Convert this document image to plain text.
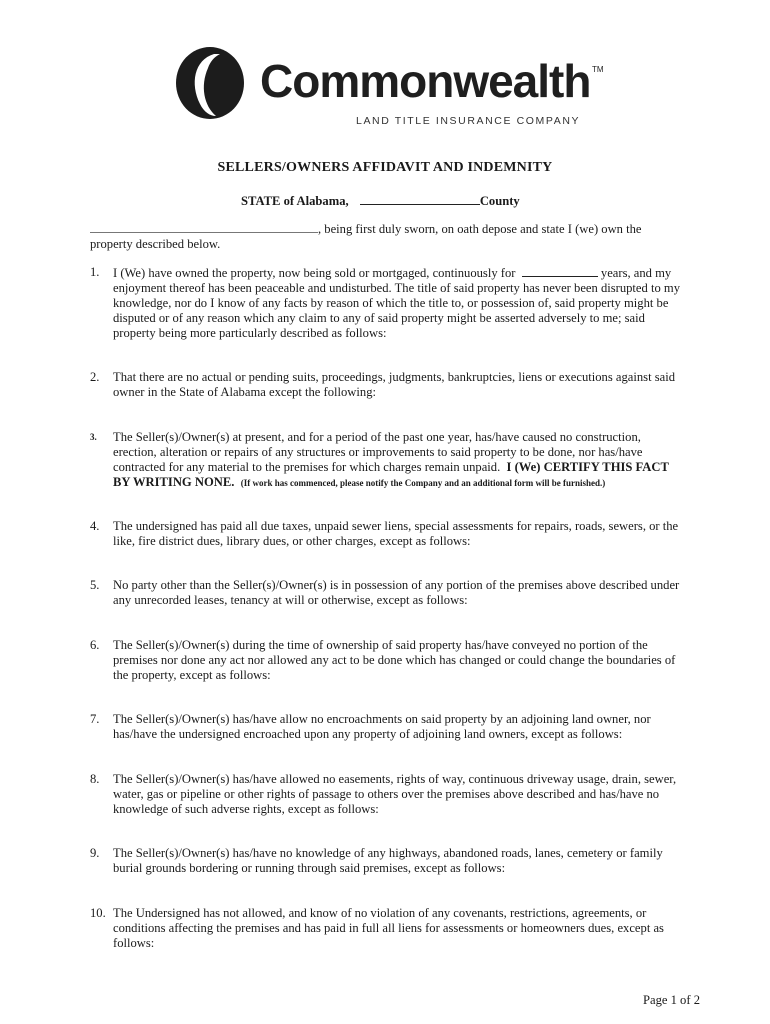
Commonwealth TM
LAND TITLE INSURANCE COMPANY
SELLERS/OWNERS AFFIDAVIT AND INDEMNITY
STATE of Alabama,	County
, being first duly sworn, on oath depose and state I (we) own the property described below.
1.	I (We) have owned the property, now being sold or mortgaged, continuously for	years, and my enjoyment thereof has been peaceable and undisturbed. The title of said property has never been disrupted to my knowledge, nor do I know of any facts by reason of which the title to, or possession of, said property might be disputed or of any reason which any claim to any of said property might be asserted adversely to me; said property being more particularly described as follows:
2.	That there are no actual or pending suits, proceedings, judgments, bankruptcies, liens or executions against said owner in the State of Alabama except the following:
3.	The Seller(s)/Owner(s) at present, and for a period of the past one year, has/have caused no construction, erection, alteration or repairs of any structures or improvements to said property to be done, nor has/have contracted for any material to the premises for which charges remain unpaid. I (We) CERTIFY THIS FACT BY WRITING NONE. (If work has commenced, please notify the Company and an additional form will be furnished.)
4.	The undersigned has paid all due taxes, unpaid sewer liens, special assessments for repairs, roads, sewers, or the like, fire district dues, library dues, or other charges, except as follows:
5.	No party other than the Seller(s)/Owner(s) is in possession of any portion of the premises above described under any unrecorded leases, tenancy at will or otherwise, except as follows:
6.	The Seller(s)/Owner(s) during the time of ownership of said property has/have conveyed no portion of the premises nor done any act nor allowed any act to be done which has changed or could change the boundaries of the property, except as follows:
7.	The Seller(s)/Owner(s) has/have allow no encroachments on said property by an adjoining land owner, nor has/have the undersigned encroached upon any property of adjoining land owners, except as follows:
8.	The Seller(s)/Owner(s) has/have allowed no easements, rights of way, continuous driveway usage, drain, sewer, water, gas or pipeline or other rights of passage to others over the premises above described and has/have no knowledge of such adverse rights, except as follows:
9.	The Seller(s)/Owner(s) has/have no knowledge of any highways, abandoned roads, lanes, cemetery or family burial grounds bordering or running through said premises, except as follows:
10. The Undersigned has not allowed, and know of no violation of any covenants, restrictions, agreements, or conditions affecting the premises and has paid in full all liens for assessments or homeowners dues, except as follows:
Page 1 of 2
